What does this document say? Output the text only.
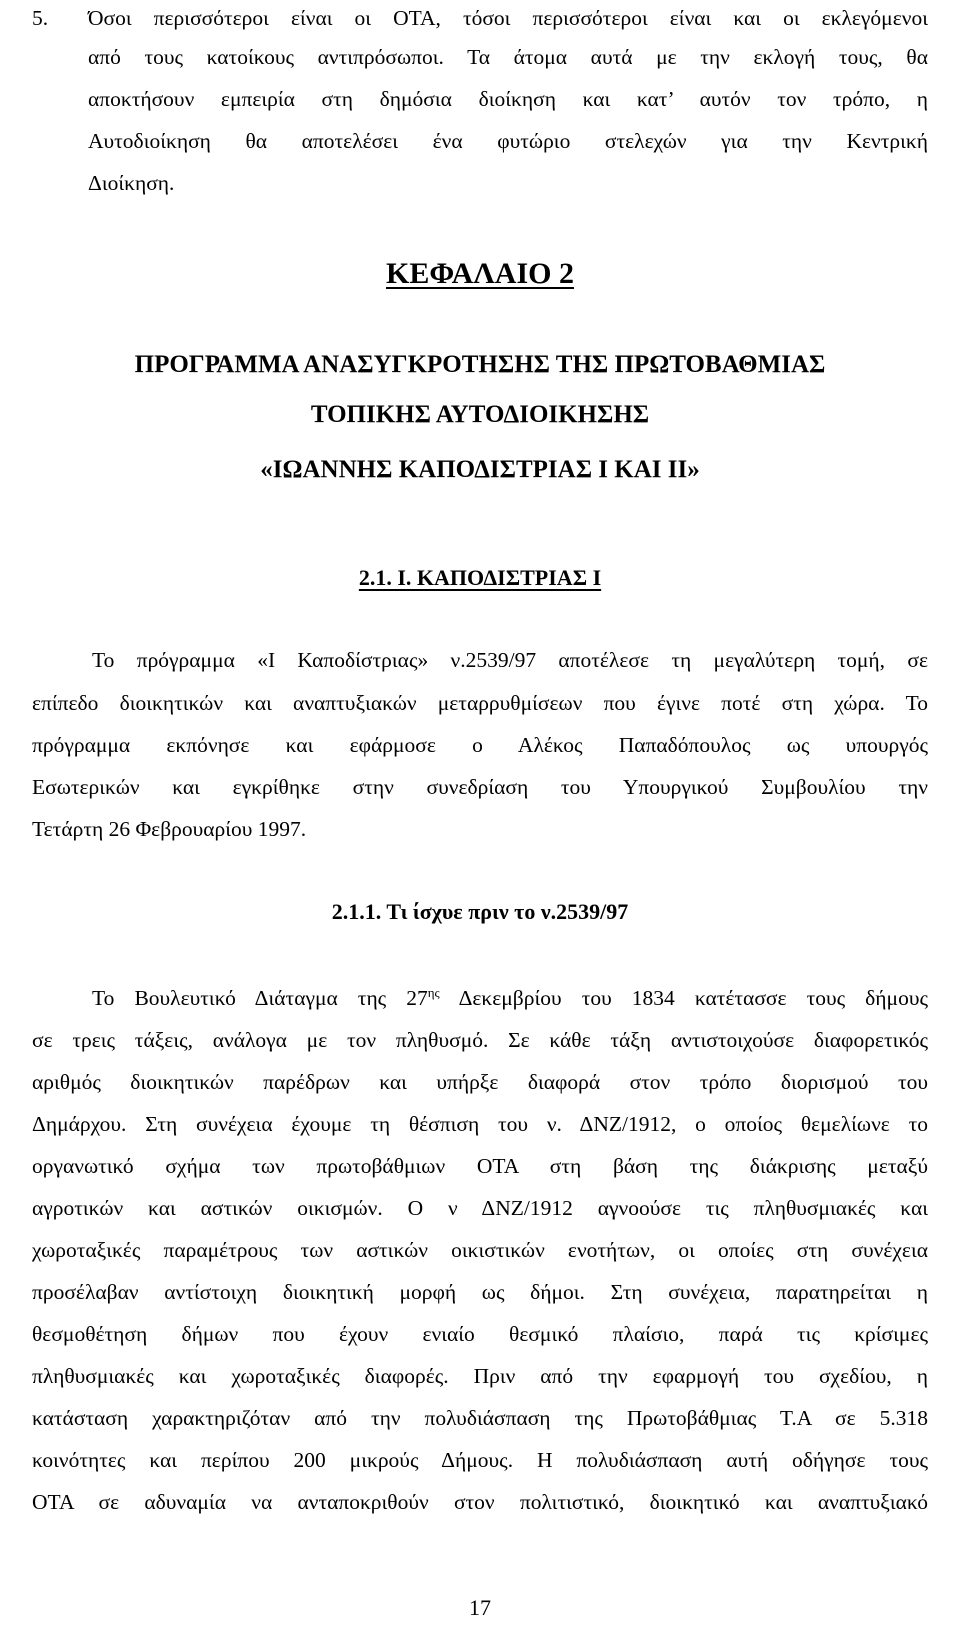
5. Όσοι περισσότεροι είναι οι ΟΤΑ, τόσοι περισσότεροι είναι και οι εκλεγόμενοι
από τους κατοίκους αντιπρόσωποι. Τα άτομα αυτά με την εκλογή τους, θα
αποκτήσουν εμπειρία στη δημόσια διοίκηση και κατ’ αυτόν τον τρόπο, η
Αυτοδιοίκηση θα αποτελέσει ένα φυτώριο στελεχών για την Κεντρική
Διοίκηση.
ΚΕΦΑΛΑΙΟ 2
ΠΡΟΓΡΑΜΜΑ ΑΝΑΣΥΓΚΡΟΤΗΣΗΣ ΤΗΣ ΠΡΩΤΟΒΑΘΜΙΑΣ
ΤΟΠΙΚΗΣ ΑΥΤΟΔΙΟΙΚΗΣΗΣ
«ΙΩΑΝΝΗΣ ΚΑΠΟΔΙΣΤΡΙΑΣ Ι ΚΑΙ ΙΙ»
2.1. Ι. ΚΑΠΟΔΙΣΤΡΙΑΣ Ι
Το πρόγραμμα «Ι Καποδίστριας» ν.2539/97 αποτέλεσε τη μεγαλύτερη τομή, σε
επίπεδο διοικητικών και αναπτυξιακών μεταρρυθμίσεων που έγινε ποτέ στη χώρα. Το
πρόγραμμα εκπόνησε και εφάρμοσε ο Αλέκος Παπαδόπουλος ως υπουργός
Εσωτερικών και εγκρίθηκε στην συνεδρίαση του Υπουργικού Συμβουλίου την
Τετάρτη 26 Φεβρουαρίου 1997.
2.1.1. Τι ίσχυε πριν το ν.2539/97
Το Βουλευτικό Διάταγμα της $27^{\eta\varsigma}$ Δεκεμβρίου του 1834 κατέτασσε τους δήμους
σε τρεις τάξεις, ανάλογα με τον πληθυσμό. Σε κάθε τάξη αντιστοιχούσε διαφορετικός
αριθμός διοικητικών παρέδρων και υπήρξε διαφορά στον τρόπο διορισμού του
Δημάρχου. Στη συνέχεια έχουμε τη θέσπιση του ν. ΔΝΖ/1912, ο οποίος θεμελίωνε το
οργανωτικό σχήμα των πρωτοβάθμιων ΟΤΑ στη βάση της διάκρισης μεταξύ
αγροτικών και αστικών οικισμών. Ο ν ΔΝΖ/1912 αγνοούσε τις πληθυσμιακές και
χωροταξικές παραμέτρους των αστικών οικιστικών ενοτήτων, οι οποίες στη συνέχεια
προσέλαβαν αντίστοιχη διοικητική μορφή ως δήμοι. Στη συνέχεια, παρατηρείται η
θεσμοθέτηση δήμων που έχουν ενιαίο θεσμικό πλαίσιο, παρά τις κρίσιμες
πληθυσμιακές και χωροταξικές διαφορές. Πριν από την εφαρμογή του σχεδίου, η
κατάσταση χαρακτηριζόταν από την πολυδιάσπαση της Πρωτοβάθμιας Τ.Α σε 5.318
κοινότητες και περίπου 200 μικρούς Δήμους. Η πολυδιάσπαση αυτή οδήγησε τους
ΟΤΑ σε αδυναμία να ανταποκριθούν στον πολιτιστικό, διοικητικό και αναπτυξιακό
17
